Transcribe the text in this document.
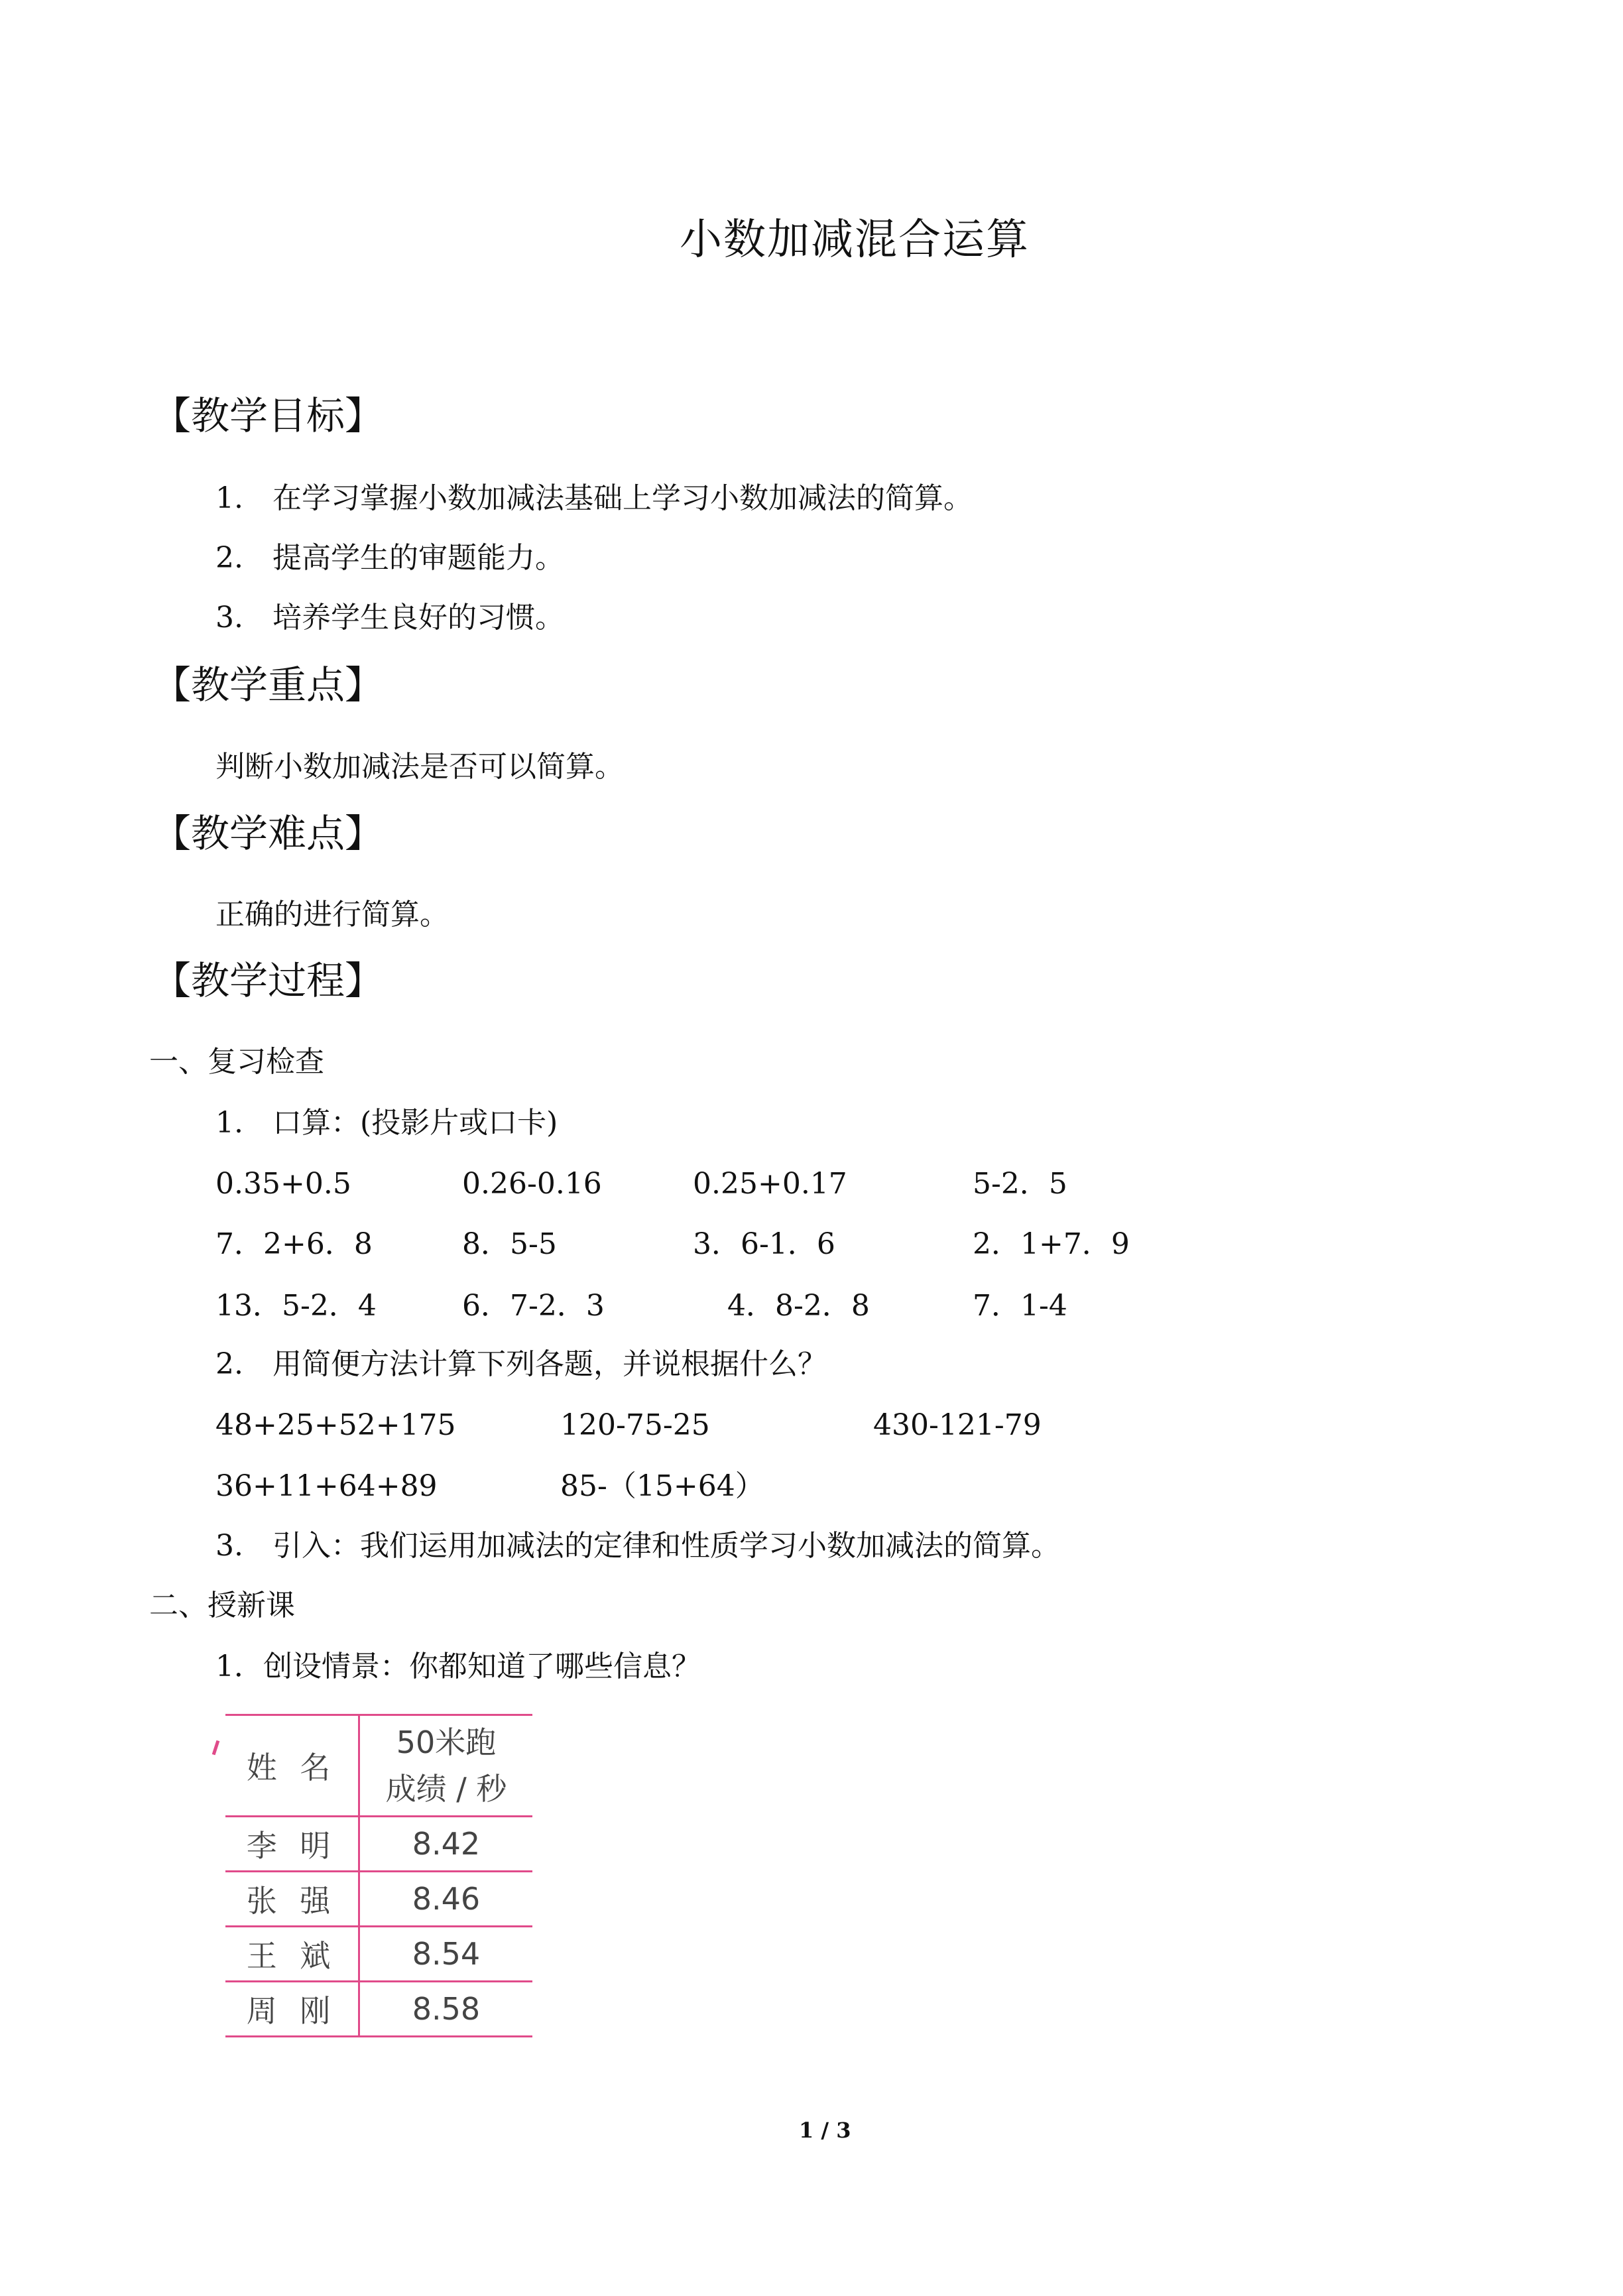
小数加减混合运算
【教学目标】
1.　在学习掌握小数加减法基础上学习小数加减法的简算。
2.　提高学生的审题能力。
3.　培养学生良好的习惯。
【教学重点】
判断小数加减法是否可以简算。
【教学难点】
正确的进行简算。
【教学过程】
一、复习检查
1.　口算：(投影片或口卡)
0.35+0.5	0.26-0.16	0.25+0.17	5-2．5
7．2+6．8	8．5-5	3．6-1．6	2．1+7．9
13．5-2．4	6．7-2．3	4．8-2．8	7．1-4
2.　用简便方法计算下列各题，并说根据什么？
48+25+52+175	120-75-25	430-121-79
36+11+64+89	85-（15+64）
3.　引入：我们运用加减法的定律和性质学习小数加减法的简算。
二、授新课
1．创设情景：你都知道了哪些信息？
姓 名	50米跑
成绩 / 秒

李 明	8.42
张 强	8.46
王 斌	8.54
周 刚	8.58
1 / 3
